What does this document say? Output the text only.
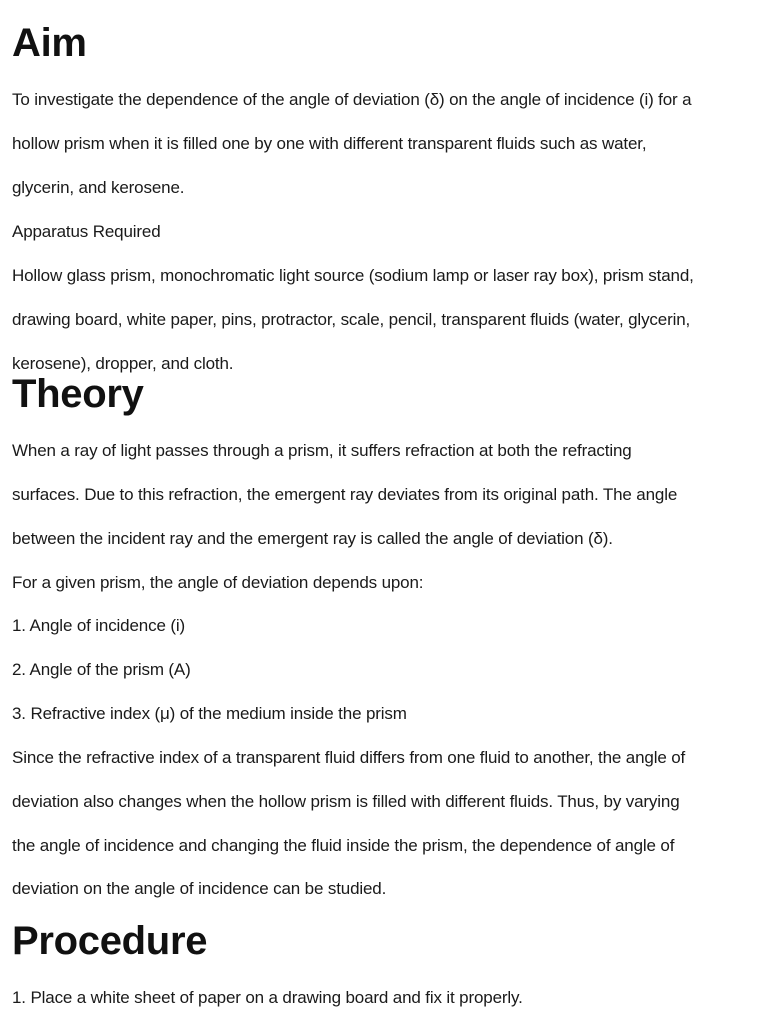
Aim

To investigate the dependence of the angle of deviation (δ) on the angle of incidence (i) for a

hollow prism when it is filled one by one with different transparent fluids such as water,

glycerin, and kerosene.

Apparatus Required

Hollow glass prism, monochromatic light source (sodium lamp or laser ray box), prism stand,

drawing board, white paper, pins, protractor, scale, pencil, transparent fluids (water, glycerin,

kerosene), dropper, and cloth.

Theory

When a ray of light passes through a prism, it suffers refraction at both the refracting

surfaces. Due to this refraction, the emergent ray deviates from its original path. The angle

between the incident ray and the emergent ray is called the angle of deviation (δ).

For a given prism, the angle of deviation depends upon:

1. Angle of incidence (i)

2. Angle of the prism (A)

3. Refractive index (μ) of the medium inside the prism

Since the refractive index of a transparent fluid differs from one fluid to another, the angle of

deviation also changes when the hollow prism is filled with different fluids. Thus, by varying

the angle of incidence and changing the fluid inside the prism, the dependence of angle of

deviation on the angle of incidence can be studied.

Procedure

1. Place a white sheet of paper on a drawing board and fix it properly.
